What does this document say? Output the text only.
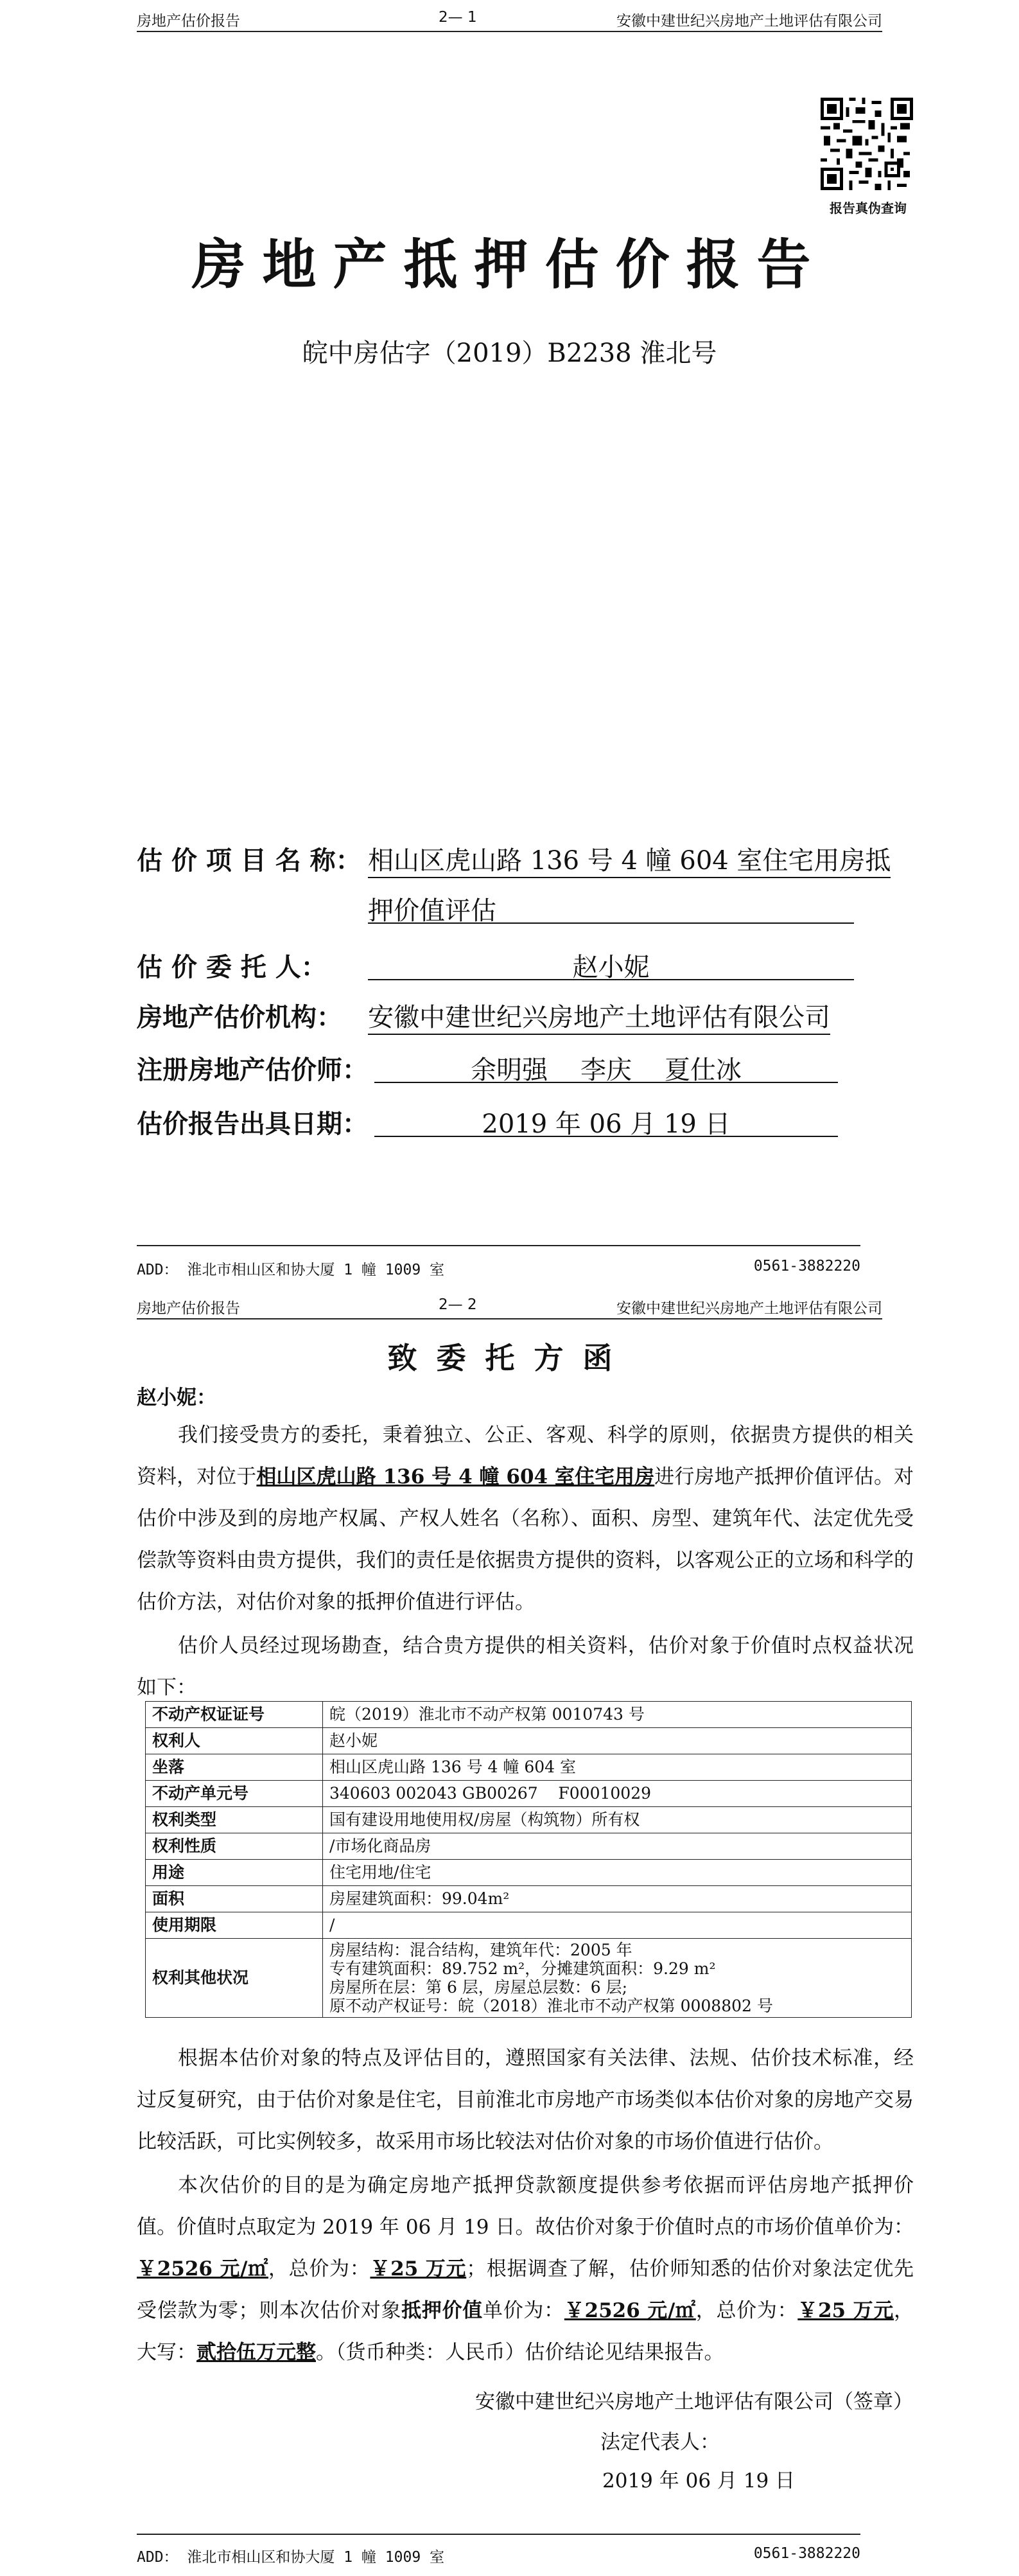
房地产估价报告	2— 1	安徽中建世纪兴房地产土地评估有限公司
报告真伪查询
房地产抵押估价报告
皖中房估字（2019）B2238 淮北号
估 价 项 目 名 称： 相山区虎山路 136 号 4 幢 604 室住宅用房抵
押价值评估
估 价 委 托 人：	赵小妮
房地产估价机构： 安徽中建世纪兴房地产土地评估有限公司
注册房地产估价师：	余明强    李庆    夏仕冰
估价报告出具日期：	2019 年 06 月 19 日
ADD： 淮北市相山区和协大厦 1 幢 1009 室	0561-3882220
房地产估价报告	2— 2	安徽中建世纪兴房地产土地评估有限公司
致委托方函
赵小妮：
我们接受贵方的委托，秉着独立、公正、客观、科学的原则，依据贵方提供的相关资料，对位于相山区虎山路 136 号 4 幢 604 室住宅用房进行房地产抵押价值评估。对估价中涉及到的房地产权属、产权人姓名（名称）、面积、房型、建筑年代、法定优先受偿款等资料由贵方提供，我们的责任是依据贵方提供的资料，以客观公正的立场和科学的估价方法，对估价对象的抵押价值进行评估。
估价人员经过现场勘查，结合贵方提供的相关资料，估价对象于价值时点权益状况如下：
不动产权证证号	皖（2019）淮北市不动产权第 0010743 号
权利人	赵小妮
坐落	相山区虎山路 136 号 4 幢 604 室
不动产单元号	340603 002043 GB00267    F00010029
权利类型	国有建设用地使用权/房屋（构筑物）所有权
权利性质	/市场化商品房
用途	住宅用地/住宅
面积	房屋建筑面积：99.04m²
使用期限	/
权利其他状况	房屋结构：混合结构，建筑年代：2005 年
专有建筑面积：89.752 m²，分摊建筑面积：9.29 m²
房屋所在层：第 6 层，房屋总层数：6 层;
原不动产权证号：皖（2018）淮北市不动产权第 0008802 号
根据本估价对象的特点及评估目的，遵照国家有关法律、法规、估价技术标准，经过反复研究，由于估价对象是住宅，目前淮北市房地产市场类似本估价对象的房地产交易比较活跃，可比实例较多，故采用市场比较法对估价对象的市场价值进行估价。
本次估价的目的是为确定房地产抵押贷款额度提供参考依据而评估房地产抵押价值。价值时点取定为 2019 年 06 月 19 日。故估价对象于价值时点的市场价值单价为：￥2526 元/㎡，总价为：￥25 万元；根据调查了解，估价师知悉的估价对象法定优先受偿款为零；则本次估价对象抵押价值单价为：￥2526 元/㎡，总价为：￥25 万元，大写：贰拾伍万元整。（货币种类：人民币）估价结论见结果报告。
安徽中建世纪兴房地产土地评估有限公司（签章）
法定代表人：
2019 年 06 月 19 日
ADD： 淮北市相山区和协大厦 1 幢 1009 室	0561-3882220
